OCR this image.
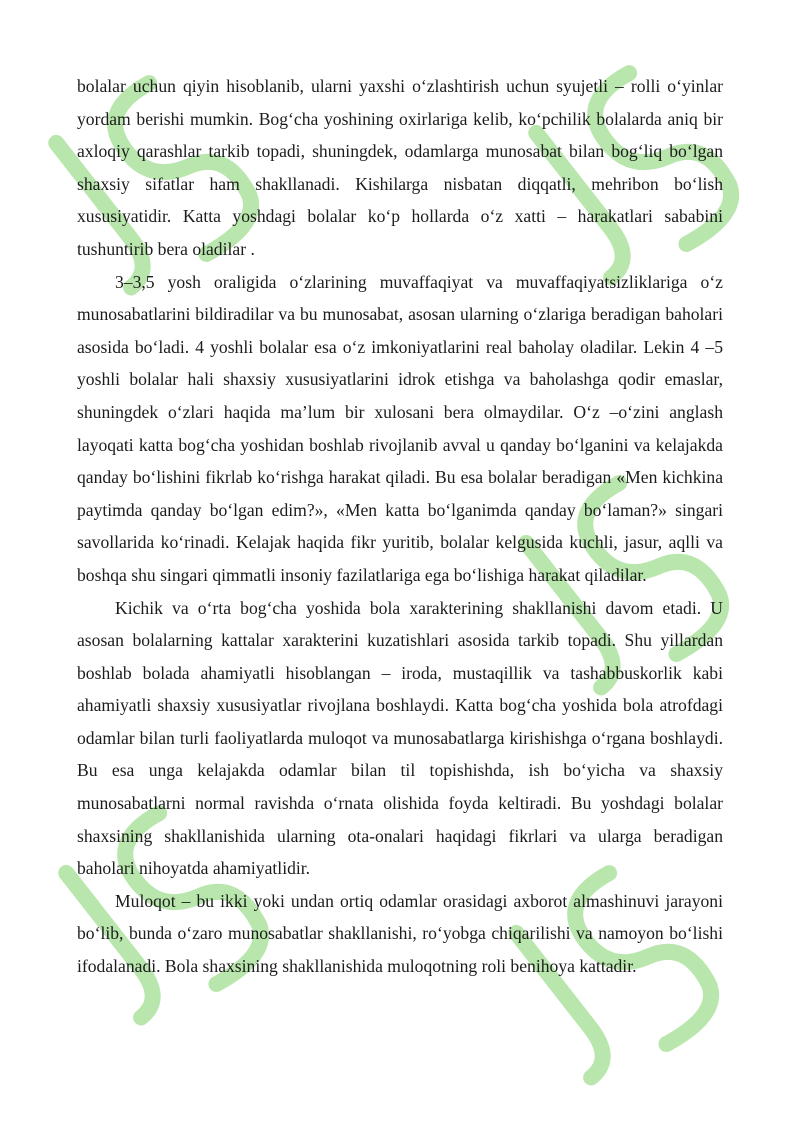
bolalar uchun qiyin hisoblanib, ularni yaxshi oʻzlashtirish uchun syujetli – rolli oʻyinlar yordam berishi mumkin. Bogʻcha yoshining oxirlariga kelib, koʻpchilik bolalarda aniq bir axloqiy qarashlar tarkib topadi, shuningdek, odamlarga munosabat bilan bogʻliq boʻlgan shaxsiy sifatlar ham shakllanadi. Kishilarga nisbatan diqqatli, mehribon boʻlish xususiyatidir. Katta yoshdagi bolalar koʻp hollarda oʻz xatti – harakatlari sababini tushuntirib bera oladilar .

3–3,5 yosh oraligida oʻzlarining muvaffaqiyat va muvaffaqiyatsizliklariga oʻz munosabatlarini bildiradilar va bu munosabat, asosan ularning oʻzlariga beradigan baholari asosida boʻladi. 4 yoshli bolalar esa oʻz imkoniyatlarini real baholay oladilar. Lekin 4 –5 yoshli bolalar hali shaxsiy xususiyatlarini idrok etishga va baholashga qodir emaslar, shuningdek oʻzlari haqida maʼlum bir xulosani bera olmaydilar. Oʻz –oʻzini anglash layoqati katta bogʻcha yoshidan boshlab rivojlanib avval u qanday boʻlganini va kelajakda qanday boʻlishini fikrlab koʻrishga harakat qiladi. Bu esa bolalar beradigan «Men kichkina paytimda qanday boʻlgan edim?», «Men katta boʻlganimda qanday boʻlaman?» singari savollarida koʻrinadi. Kelajak haqida fikr yuritib, bolalar kelgusida kuchli, jasur, aqlli va boshqa shu singari qimmatli insoniy fazilatlariga ega boʻlishiga harakat qiladilar.

Kichik va oʻrta bogʻcha yoshida bola xarakterining shakllanishi davom etadi. U asosan bolalarning kattalar xarakterini kuzatishlari asosida tarkib topadi. Shu yillardan boshlab bolada ahamiyatli hisoblangan – iroda, mustaqillik va tashabbuskorlik kabi ahamiyatli shaxsiy xususiyatlar rivojlana boshlaydi. Katta bogʻcha yoshida bola atrofdagi odamlar bilan turli faoliyatlarda muloqot va munosabatlarga kirishishga oʻrgana boshlaydi. Bu esa unga kelajakda odamlar bilan til topishishda, ish boʻyicha va shaxsiy munosabatlarni normal ravishda oʻrnata olishida foyda keltiradi. Bu yoshdagi bolalar shaxsining shakllanishida ularning ota-onalari haqidagi fikrlari va ularga beradigan baholari nihoyatda ahamiyatlidir.

Muloqot – bu ikki yoki undan ortiq odamlar orasidagi axborot almashinuvi jarayoni boʻlib, bunda oʻzaro munosabatlar shakllanishi, roʻyobga chiqarilishi va namoyon boʻlishi ifodalanadi. Bola shaxsining shakllanishida muloqotning roli benihoya kattadir.
